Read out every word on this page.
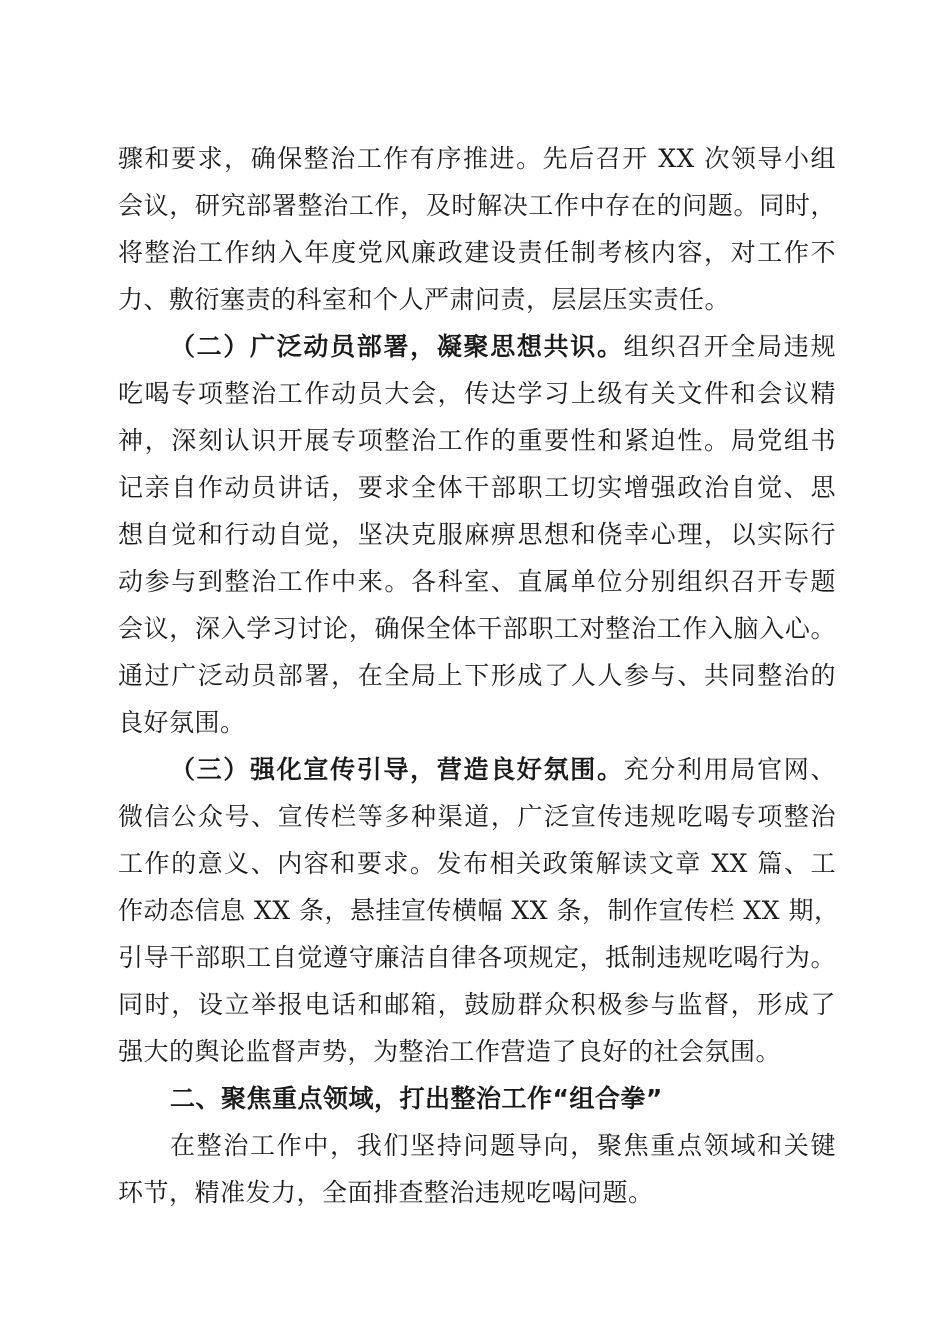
骤和要求，确保整治工作有序推进。先后召开 XX 次领导小组
会议，研究部署整治工作，及时解决工作中存在的问题。同时，
将整治工作纳入年度党风廉政建设责任制考核内容，对工作不
力、敷衍塞责的科室和个人严肃问责，层层压实责任。
（二）广泛动员部署，凝聚思想共识。组织召开全局违规
吃喝专项整治工作动员大会，传达学习上级有关文件和会议精
神，深刻认识开展专项整治工作的重要性和紧迫性。局党组书
记亲自作动员讲话，要求全体干部职工切实增强政治自觉、思
想自觉和行动自觉，坚决克服麻痹思想和侥幸心理，以实际行
动参与到整治工作中来。各科室、直属单位分别组织召开专题
会议，深入学习讨论，确保全体干部职工对整治工作入脑入心。
通过广泛动员部署，在全局上下形成了人人参与、共同整治的
良好氛围。
（三）强化宣传引导，营造良好氛围。充分利用局官网、
微信公众号、宣传栏等多种渠道，广泛宣传违规吃喝专项整治
工作的意义、内容和要求。发布相关政策解读文章 XX 篇、工
作动态信息 XX 条，悬挂宣传横幅 XX 条，制作宣传栏 XX 期，
引导干部职工自觉遵守廉洁自律各项规定，抵制违规吃喝行为。
同时，设立举报电话和邮箱，鼓励群众积极参与监督，形成了
强大的舆论监督声势，为整治工作营造了良好的社会氛围。
二、聚焦重点领域，打出整治工作“组合拳”
在整治工作中，我们坚持问题导向，聚焦重点领域和关键
环节，精准发力，全面排查整治违规吃喝问题。
